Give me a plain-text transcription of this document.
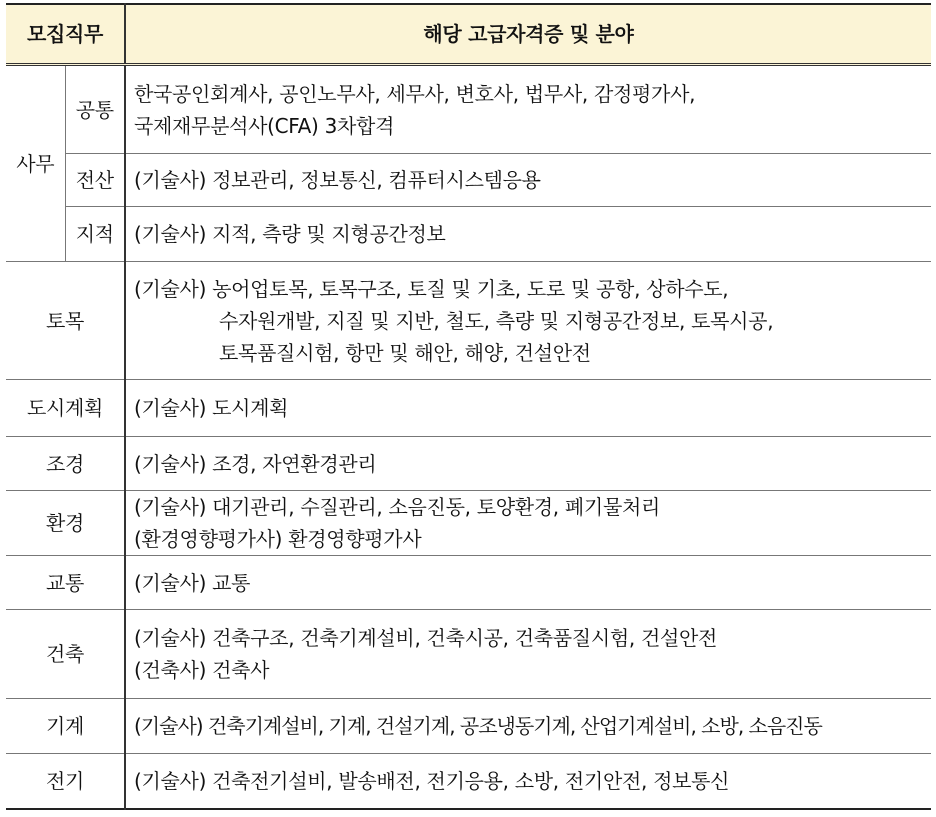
모집직무		해당 고급자격증 및 분야
사무	공통	한국공인회계사, 공인노무사, 세무사, 변호사, 법무사, 감정평가사,
국제재무분석사(CFA) 3차합격

	전산	(기술사) 정보관리, 정보통신, 컴퓨터시스템응용

	지적	(기술사) 지적, 측량 및 지형공간정보

토목		(기술사) 농어업토목, 토목구조, 토질 및 기초, 도로 및 공항, 상하수도,
수자원개발, 지질 및 지반, 철도, 측량 및 지형공간정보, 토목시공,
토목품질시험, 항만 및 해안, 해양, 건설안전

도시계획		(기술사) 도시계획

조경		(기술사) 조경, 자연환경관리

환경		(기술사) 대기관리, 수질관리, 소음진동, 토양환경, 폐기물처리
(환경영향평가사) 환경영향평가사

교통		(기술사) 교통

건축		(기술사) 건축구조, 건축기계설비, 건축시공, 건축품질시험, 건설안전
(건축사) 건축사

기계		(기술사) 건축기계설비, 기계, 건설기계, 공조냉동기계, 산업기계설비, 소방, 소음진동

전기		(기술사) 건축전기설비, 발송배전, 전기응용, 소방, 전기안전, 정보통신
